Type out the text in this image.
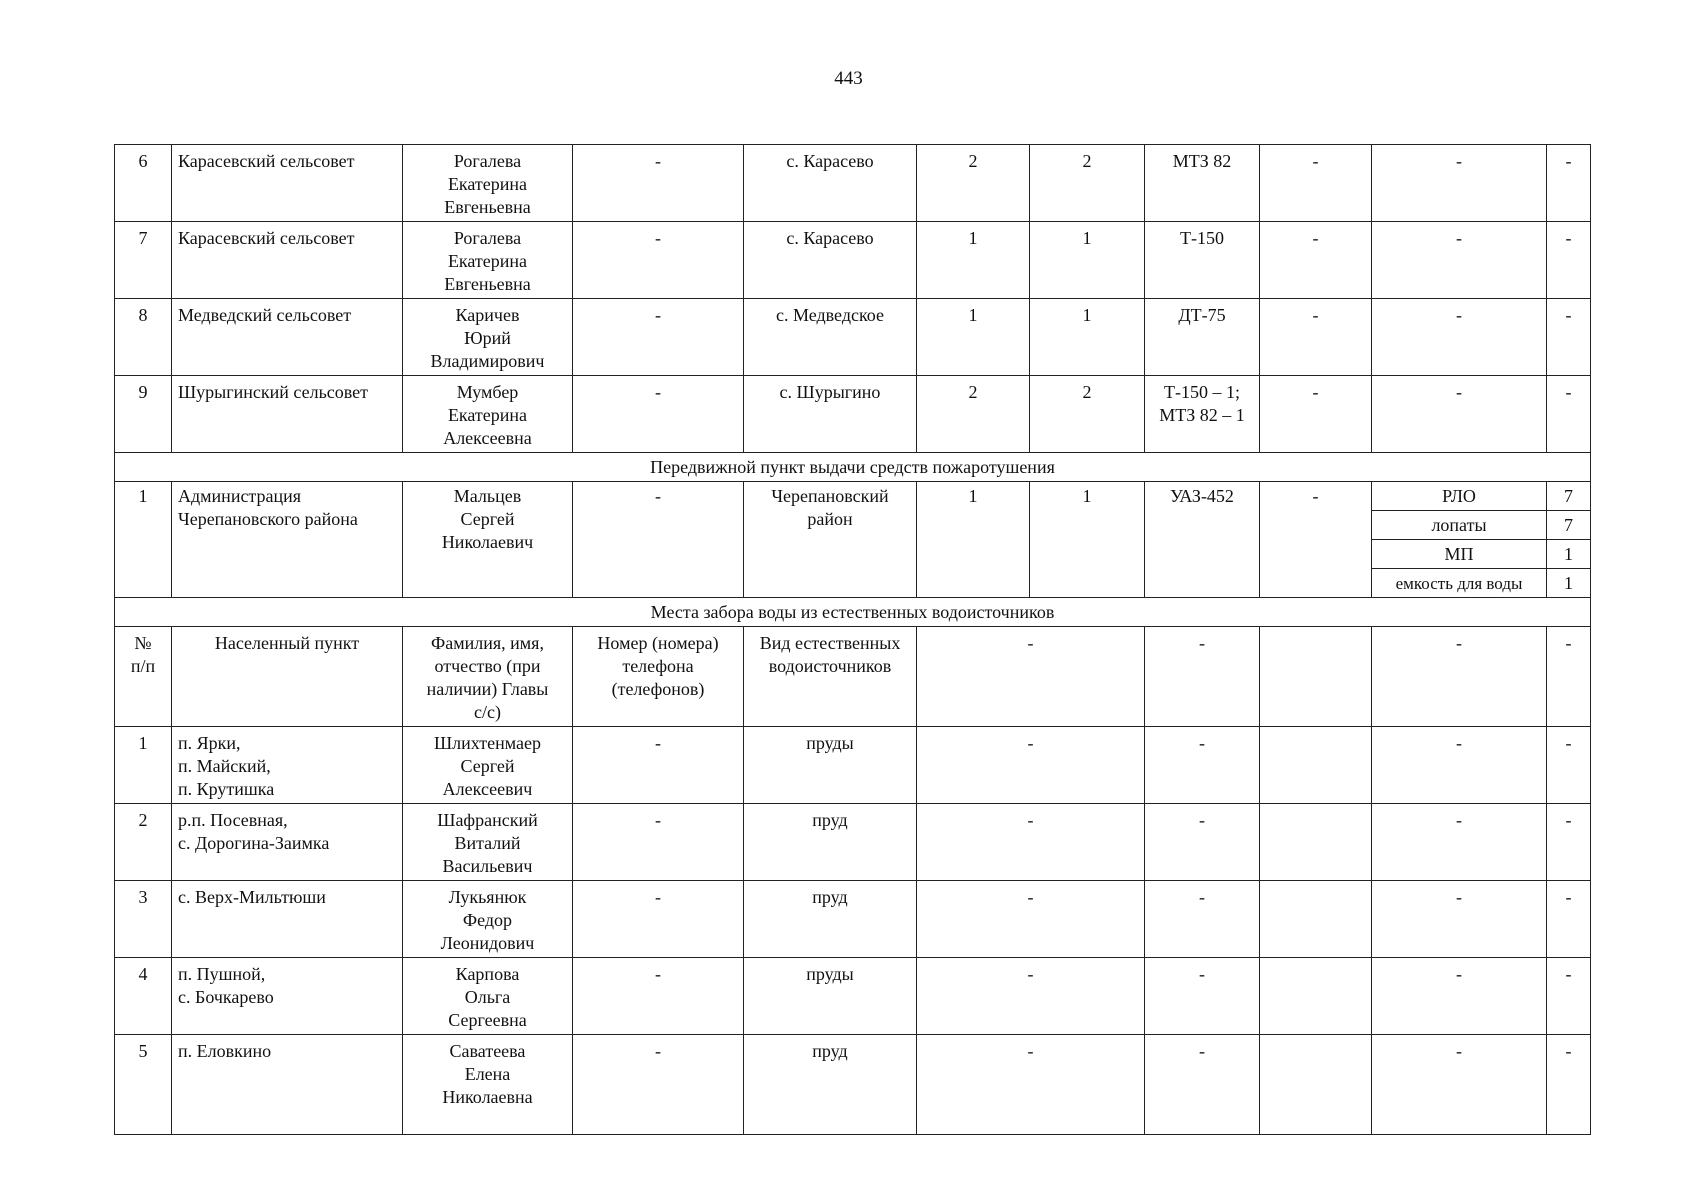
443
6	Карасевский сельсовет	Рогалева
Екатерина
Евгеньевна	-	с. Карасево	2	2	МТЗ 82	-	-	-
7	Карасевский сельсовет	Рогалева
Екатерина
Евгеньевна	-	с. Карасево	1	1	Т-150	-	-	-
8	Медведский сельсовет	Каричев
Юрий
Владимирович	-	с. Медведское	1	1	ДТ-75	-	-	-
9	Шурыгинский сельсовет	Мумбер
Екатерина
Алексеевна	-	с. Шурыгино	2	2	Т-150 – 1;
МТЗ 82 – 1	-	-	-
Передвижной пункт выдачи средств пожаротушения										
1	Администрация
Черепановского района	Мальцев
Сергей
Николаевич	-	Черепановский
район	1	1	УАЗ-452	-	РЛО	7
									лопаты	7
									МП	1
									емкость для воды	1
Места забора воды из естественных водоисточников										

№
п/п	Населенный пункт	Фамилия, имя,
отчество (при
наличии) Главы
с/с)	Номер (номера)
телефона
(телефонов)	Вид естественных
водоисточников	-		-		-	-
1	п. Ярки,
п. Майский,
п. Крутишка	Шлихтенмаер
Сергей
Алексеевич	-	пруды	-		-		-	-
2	р.п. Посевная,
с. Дорогина-Заимка	Шафранский
Виталий
Васильевич	-	пруд	-		-		-	-
3	с. Верх-Мильтюши	Лукьянюк
Федор
Леонидович	-	пруд	-		-		-	-
4	п. Пушной,
с. Бочкарево	Карпова
Ольга
Сергеевна	-	пруды	-		-		-	-
5	п. Еловкино	Саватеева
Елена
Николаевна	-	пруд	-		-		-	-
